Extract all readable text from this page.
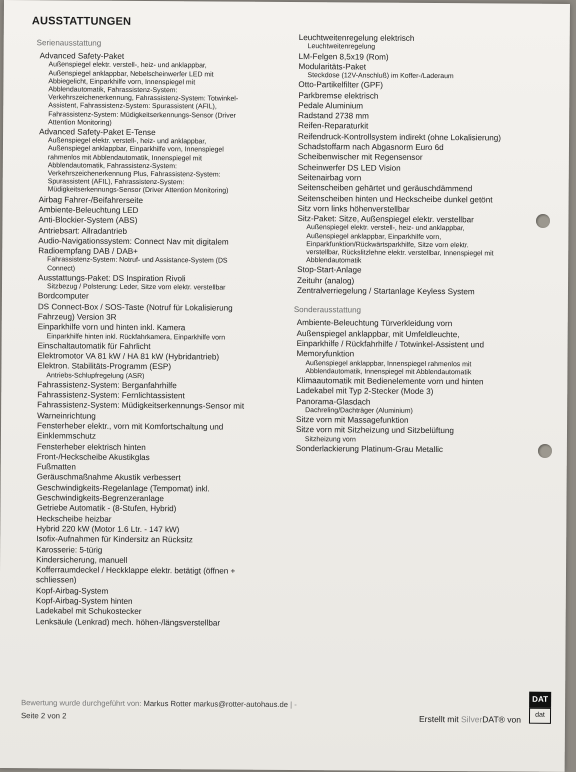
AUSSTATTUNGEN
Serienausstattung
Advanced Safety-Paket
Außenspiegel elektr. verstell-, heiz- und anklappbar,
Außenspiegel anklappbar, Nebelscheinwerfer LED mit
Abbiegelicht, Einparkhilfe vorn, Innenspiegel mit
Abblendautomatik, Fahrassistenz-System:
Verkehrszeichenerkennung, Fahrassistenz-System: Totwinkel-
Assistent, Fahrassistenz-System: Spurassistent (AFIL),
Fahrassistenz-System: Müdigkeitserkennungs-Sensor (Driver
Attention Monitoring)
Advanced Safety-Paket E-Tense
Außenspiegel elektr. verstell-, heiz- und anklappbar,
Außenspiegel anklappbar, Einparkhilfe vorn, Innenspiegel
rahmenlos mit Abblendautomatik, Innenspiegel mit
Abblendautomatik, Fahrassistenz-System:
Verkehrszeichenerkennung Plus, Fahrassistenz-System:
Spurassistent (AFIL), Fahrassistenz-System:
Müdigkeitserkennungs-Sensor (Driver Attention Monitoring)
Airbag Fahrer-/Beifahrerseite
Ambiente-Beleuchtung LED
Anti-Blockier-System (ABS)
Antriebsart: Allradantrieb
Audio-Navigationssystem: Connect Nav mit digitalem
Radioempfang DAB / DAB+
Fahrassistenz-System: Notruf- und Assistance-System (DS
Connect)
Ausstattungs-Paket: DS Inspiration Rivoli
Sitzbezug / Polsterung: Leder, Sitze vorn elektr. verstellbar
Bordcomputer
DS Connect-Box / SOS-Taste (Notruf für Lokalisierung
Fahrzeug) Version 3R
Einparkhilfe vorn und hinten inkl. Kamera
Einparkhilfe hinten inkl. Rückfahrkamera, Einparkhilfe vorn
Einschaltautomatik für Fahrlicht
Elektromotor VA 81 kW / HA 81 kW (Hybridantrieb)
Elektron. Stabilitäts-Programm (ESP)
Antriebs-Schlupfregelung (ASR)
Fahrassistenz-System: Berganfahrhilfe
Fahrassistenz-System: Fernlichtassistent
Fahrassistenz-System: Müdigkeitserkennungs-Sensor mit
Warneinrichtung
Fensterheber elektr., vorn mit Komfortschaltung und
Einklemmschutz
Fensterheber elektrisch hinten
Front-/Heckscheibe Akustikglas
Fußmatten
Geräuschmaßnahme Akustik verbessert
Geschwindigkeits-Regelanlage (Tempomat) inkl.
Geschwindigkeits-Begrenzeranlage
Getriebe Automatik - (8-Stufen, Hybrid)
Heckscheibe heizbar
Hybrid 220 kW (Motor 1.6 Ltr. - 147 kW)
Isofix-Aufnahmen für Kindersitz an Rücksitz
Karosserie: 5-türig
Kindersicherung, manuell
Kofferraumdeckel / Heckklappe elektr. betätigt (öffnen +
schliessen)
Kopf-Airbag-System
Kopf-Airbag-System hinten
Ladekabel mit Schukostecker
Lenksäule (Lenkrad) mech. höhen-/längsverstellbar
Leuchtweitenregelung elektrisch
Leuchtweitenregelung
LM-Felgen 8,5x19 (Rom)
Modularitäts-Paket
Steckdose (12V-Anschluß) im Koffer-/Laderaum
Otto-Partikelfilter (GPF)
Parkbremse elektrisch
Pedale Aluminium
Radstand 2738 mm
Reifen-Reparaturkit
Reifendruck-Kontrollsystem indirekt (ohne Lokalisierung)
Schadstoffarm nach Abgasnorm Euro 6d
Scheibenwischer mit Regensensor
Scheinwerfer DS LED Vision
Seitenairbag vorn
Seitenscheiben gehärtet und geräuschdämmend
Seitenscheiben hinten und Heckscheibe dunkel getönt
Sitz vorn links höhenverstellbar
Sitz-Paket: Sitze, Außenspiegel elektr. verstellbar
Außenspiegel elektr. verstell-, heiz- und anklappbar,
Außenspiegel anklappbar, Einparkhilfe vorn,
Einparkfunktion/Rückwärtsparkhilfe, Sitze vorn elektr.
verstellbar, Rückslitzlehne elektr. verstellbar, Innenspiegel mit
Abblendautomatik
Stop-Start-Anlage
Zeituhr (analog)
Zentralverriegelung / Startanlage Keyless System
Sonderausstattung
Ambiente-Beleuchtung Türverkleidung vorn
Außenspiegel anklappbar, mit Umfeldleuchte,
Einparkhilfe / Rückfahrhilfe / Totwinkel-Assistent und
Memoryfunktion
Außenspiegel anklappbar, Innenspiegel rahmenlos mit
Abblendautomatik, Innenspiegel mit Abblendautomatik
Klimaautomatik mit Bedienelemente vorn und hinten
Ladekabel mit Typ 2-Stecker (Mode 3)
Panorama-Glasdach
Dachreling/Dachträger (Aluminium)
Sitze vorn mit Massagefunktion
Sitze vorn mit Sitzheizung und Sitzbelüftung
Sitzheizung vorn
Sonderlackierung Platinum-Grau Metallic
Bewertung wurde durchgeführt von: Markus Rotter markus@rotter-autohaus.de | -
Seite 2 von 2	Erstellt mit SilverDAT® von
DAT
dat
